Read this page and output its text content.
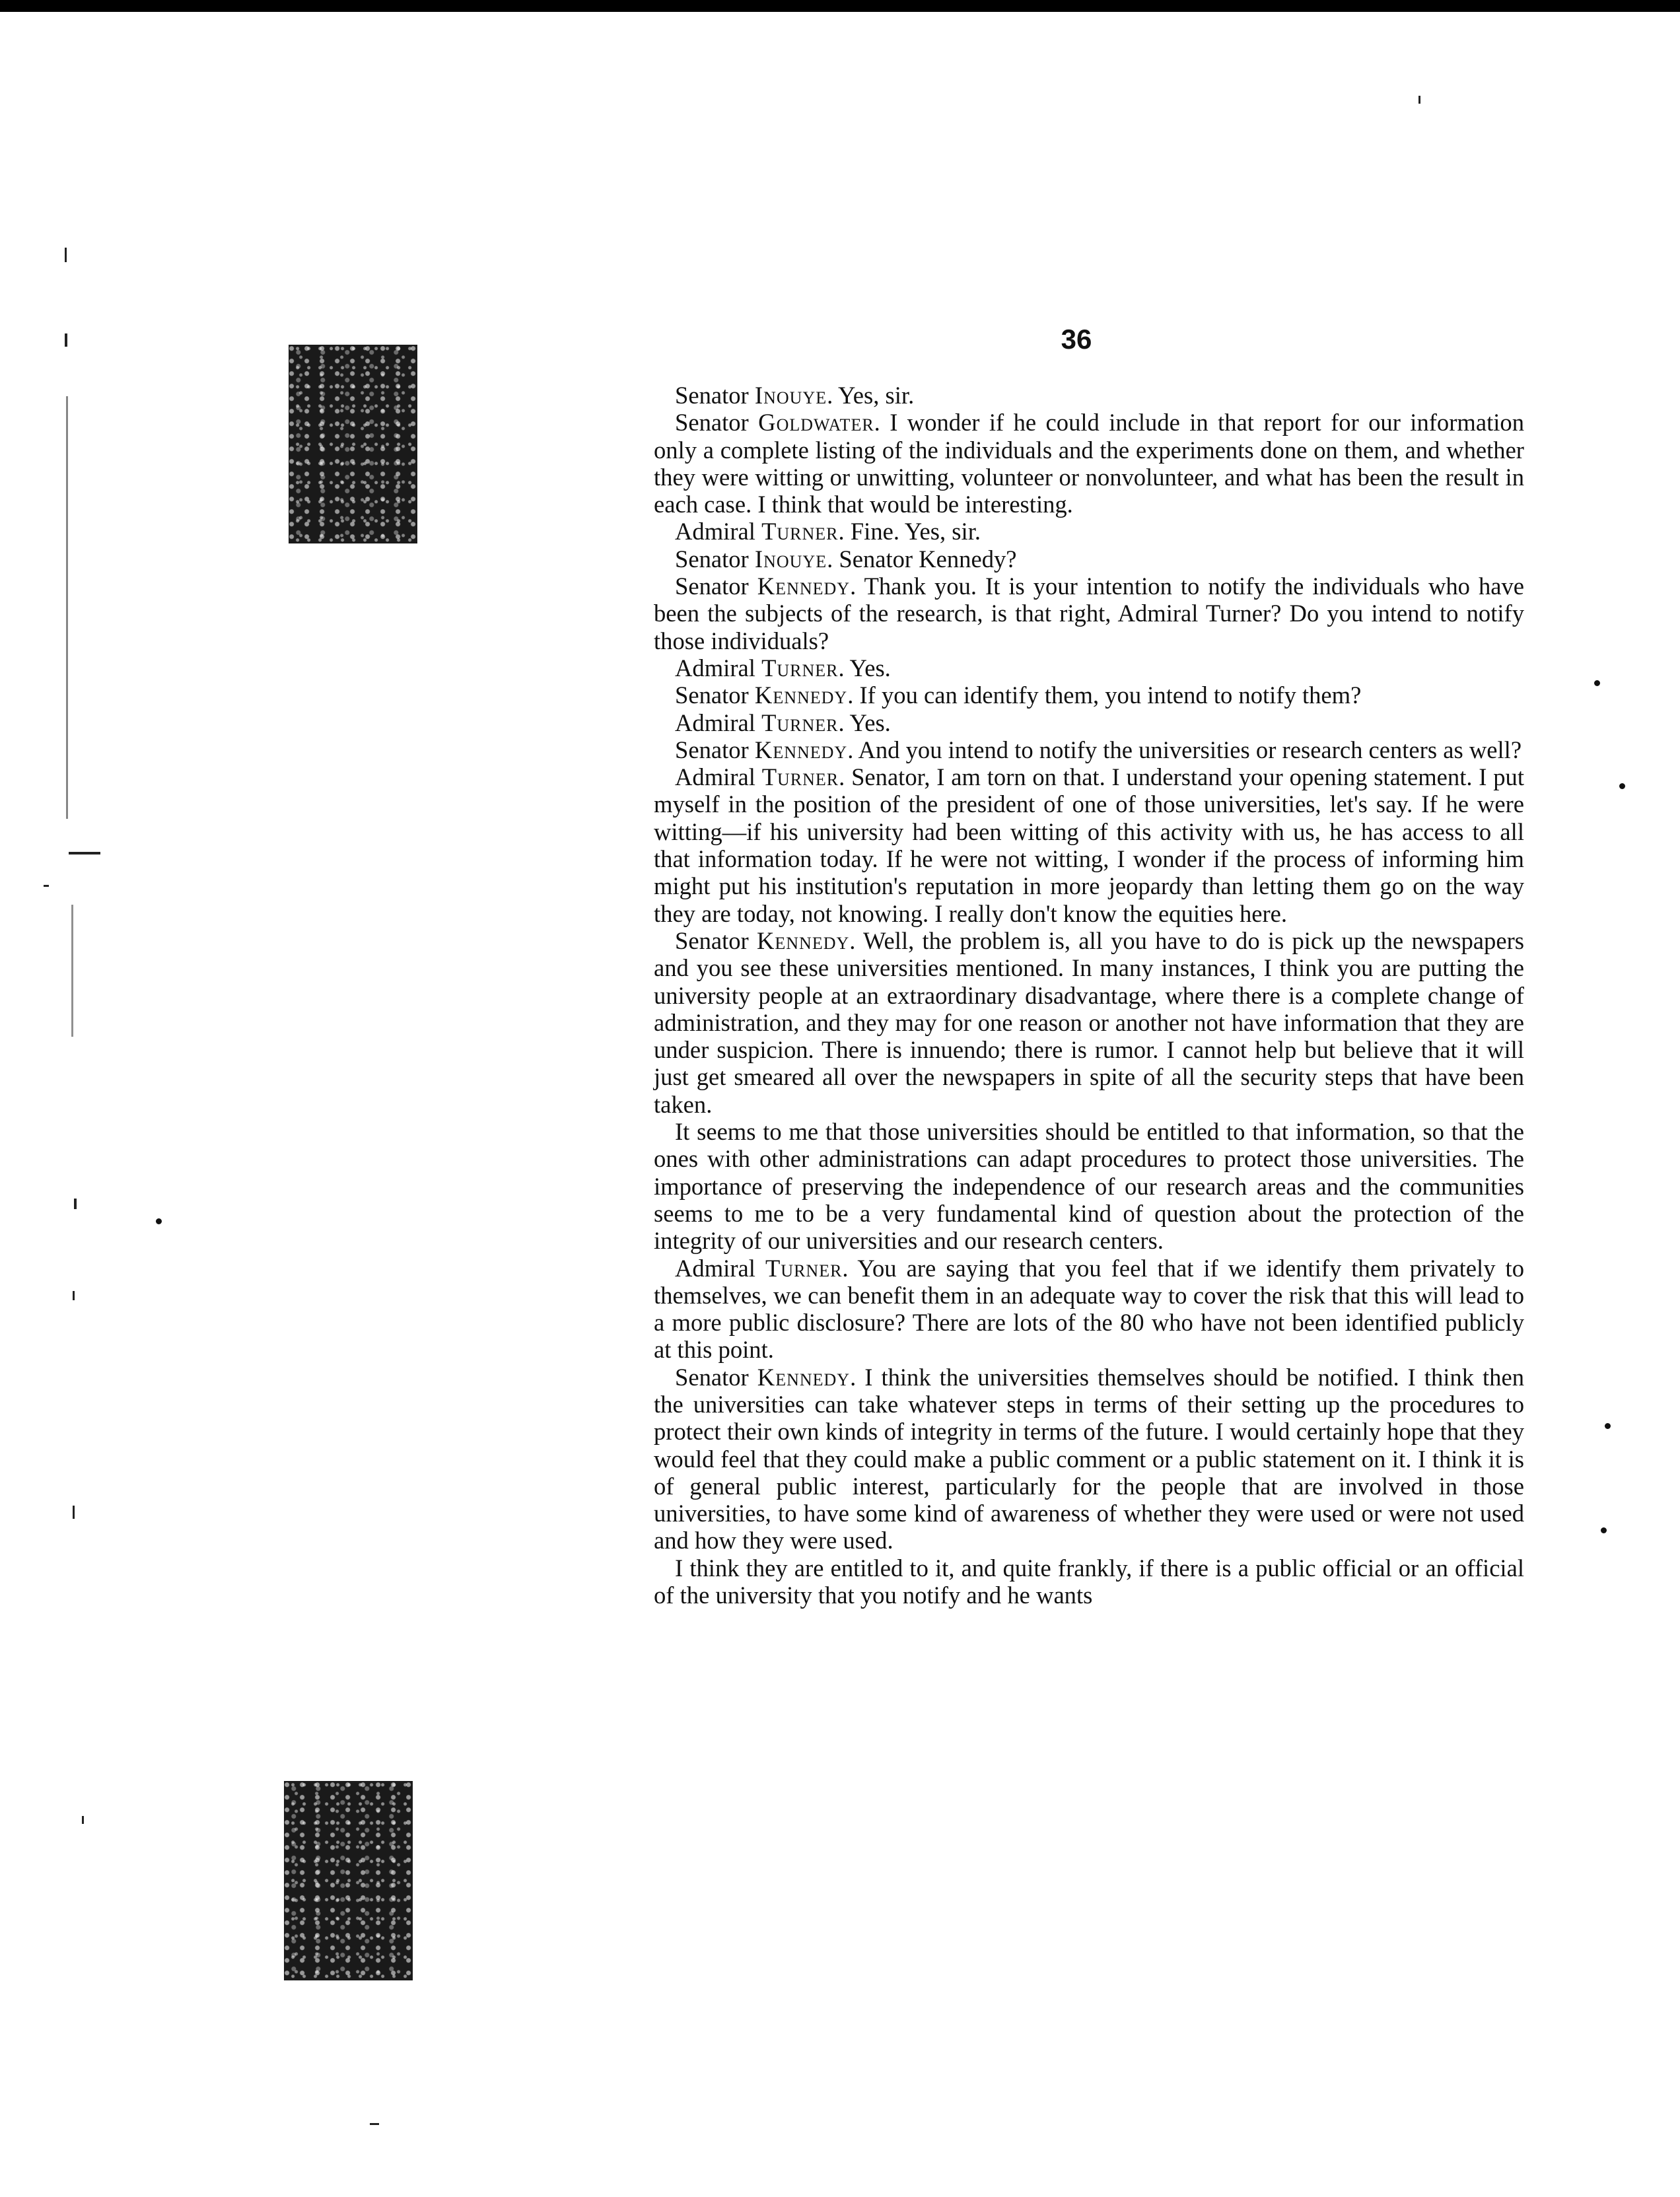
36

Senator Inouye. Yes, sir.

Senator Goldwater. I wonder if he could include in that report for our information only a complete listing of the individuals and the experiments done on them, and whether they were witting or unwitting, volunteer or nonvolunteer, and what has been the result in each case. I think that would be interesting.

Admiral Turner. Fine. Yes, sir.

Senator Inouye. Senator Kennedy?

Senator Kennedy. Thank you. It is your intention to notify the individuals who have been the subjects of the research, is that right, Admiral Turner? Do you intend to notify those individuals?

Admiral Turner. Yes.

Senator Kennedy. If you can identify them, you intend to notify them?

Admiral Turner. Yes.

Senator Kennedy. And you intend to notify the universities or research centers as well?

Admiral Turner. Senator, I am torn on that. I understand your opening statement. I put myself in the position of the president of one of those universities, let's say. If he were witting—if his university had been witting of this activity with us, he has access to all that information today. If he were not witting, I wonder if the process of informing him might put his institution's reputation in more jeopardy than letting them go on the way they are today, not knowing. I really don't know the equities here.

Senator Kennedy. Well, the problem is, all you have to do is pick up the newspapers and you see these universities mentioned. In many instances, I think you are putting the university people at an extraordinary disadvantage, where there is a complete change of administration, and they may for one reason or another not have information that they are under suspicion. There is innuendo; there is rumor. I cannot help but believe that it will just get smeared all over the newspapers in spite of all the security steps that have been taken.

It seems to me that those universities should be entitled to that information, so that the ones with other administrations can adapt procedures to protect those universities. The importance of preserving the independence of our research areas and the communities seems to me to be a very fundamental kind of question about the protection of the integrity of our universities and our research centers.

Admiral Turner. You are saying that you feel that if we identify them privately to themselves, we can benefit them in an adequate way to cover the risk that this will lead to a more public disclosure? There are lots of the 80 who have not been identified publicly at this point.

Senator Kennedy. I think the universities themselves should be notified. I think then the universities can take whatever steps in terms of their setting up the procedures to protect their own kinds of integrity in terms of the future. I would certainly hope that they would feel that they could make a public comment or a public statement on it. I think it is of general public interest, particularly for the people that are involved in those universities, to have some kind of awareness of whether they were used or were not used and how they were used.

I think they are entitled to it, and quite frankly, if there is a public official or an official of the university that you notify and he wants
